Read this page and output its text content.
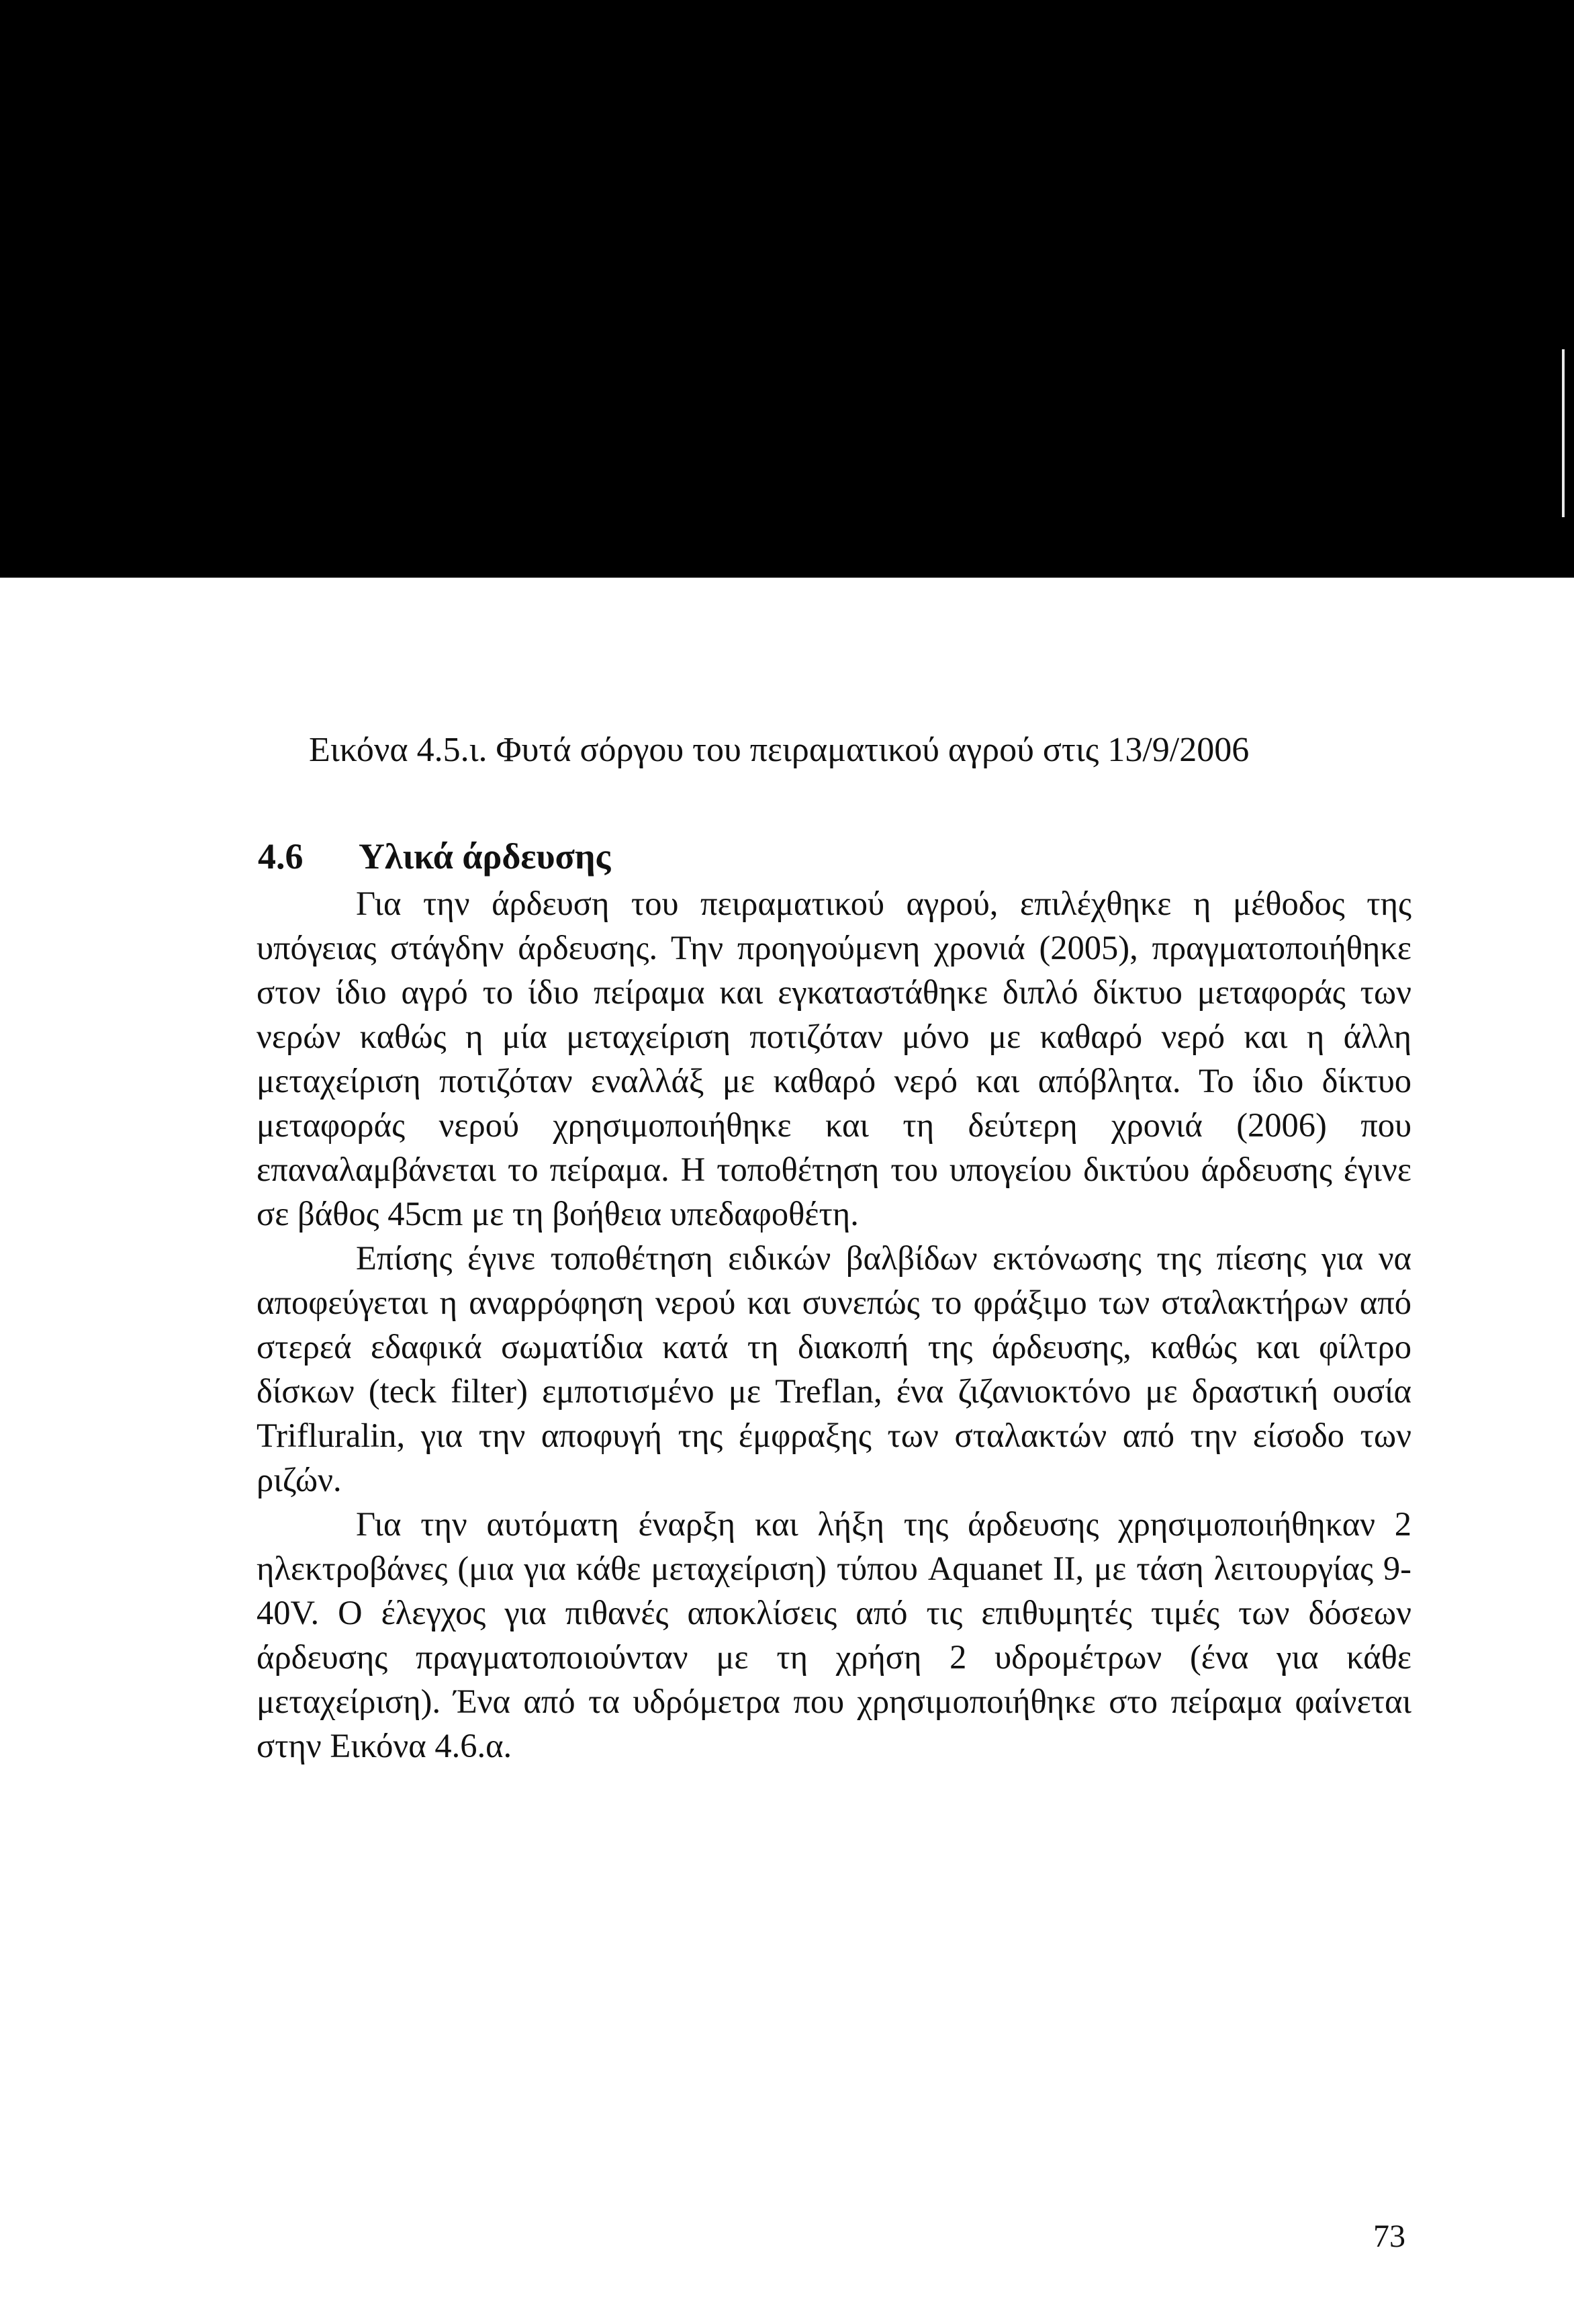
Εικόνα 4.5.ι. Φυτά σόργου του πειραματικού αγρού στις 13/9/2006
4.6 Υλικά άρδευσης

Για την άρδευση του πειραματικού αγρού, επιλέχθηκε η μέθοδος της υπόγειας στάγδην άρδευσης. Την προηγούμενη χρονιά (2005), πραγματοποιήθηκε στον ίδιο αγρό το ίδιο πείραμα και εγκαταστάθηκε διπλό δίκτυο μεταφοράς των νερών καθώς η μία μεταχείριση ποτιζόταν μόνο με καθαρό νερό και η άλλη μεταχείριση ποτιζόταν εναλλάξ με καθαρό νερό και απόβλητα. Το ίδιο δίκτυο μεταφοράς νερού χρησιμοποιήθηκε και τη δεύτερη χρονιά (2006) που επαναλαμβάνεται το πείραμα. Η τοποθέτηση του υπογείου δικτύου άρδευσης έγινε σε βάθος 45cm με τη βοήθεια υπεδαφοθέτη.

Επίσης έγινε τοποθέτηση ειδικών βαλβίδων εκτόνωσης της πίεσης για να αποφεύγεται η αναρρόφηση νερού και συνεπώς το φράξιμο των σταλακτήρων από στερεά εδαφικά σωματίδια κατά τη διακοπή της άρδευσης, καθώς και φίλτρο δίσκων (teck filter) εμποτισμένο με Treflan, ένα ζιζανιοκτόνο με δραστική ουσία Trifluralin, για την αποφυγή της έμφραξης των σταλακτών από την είσοδο των ριζών.

Για την αυτόματη έναρξη και λήξη της άρδευσης χρησιμοποιήθηκαν 2 ηλεκτροβάνες (μια για κάθε μεταχείριση) τύπου Aquanet II, με τάση λειτουργίας 9-40V. Ο έλεγχος για πιθανές αποκλίσεις από τις επιθυμητές τιμές των δόσεων άρδευσης πραγματοποιούνταν με τη χρήση 2 υδρομέτρων (ένα για κάθε μεταχείριση). Ένα από τα υδρόμετρα που χρησιμοποιήθηκε στο πείραμα φαίνεται στην Εικόνα 4.6.α.

73
